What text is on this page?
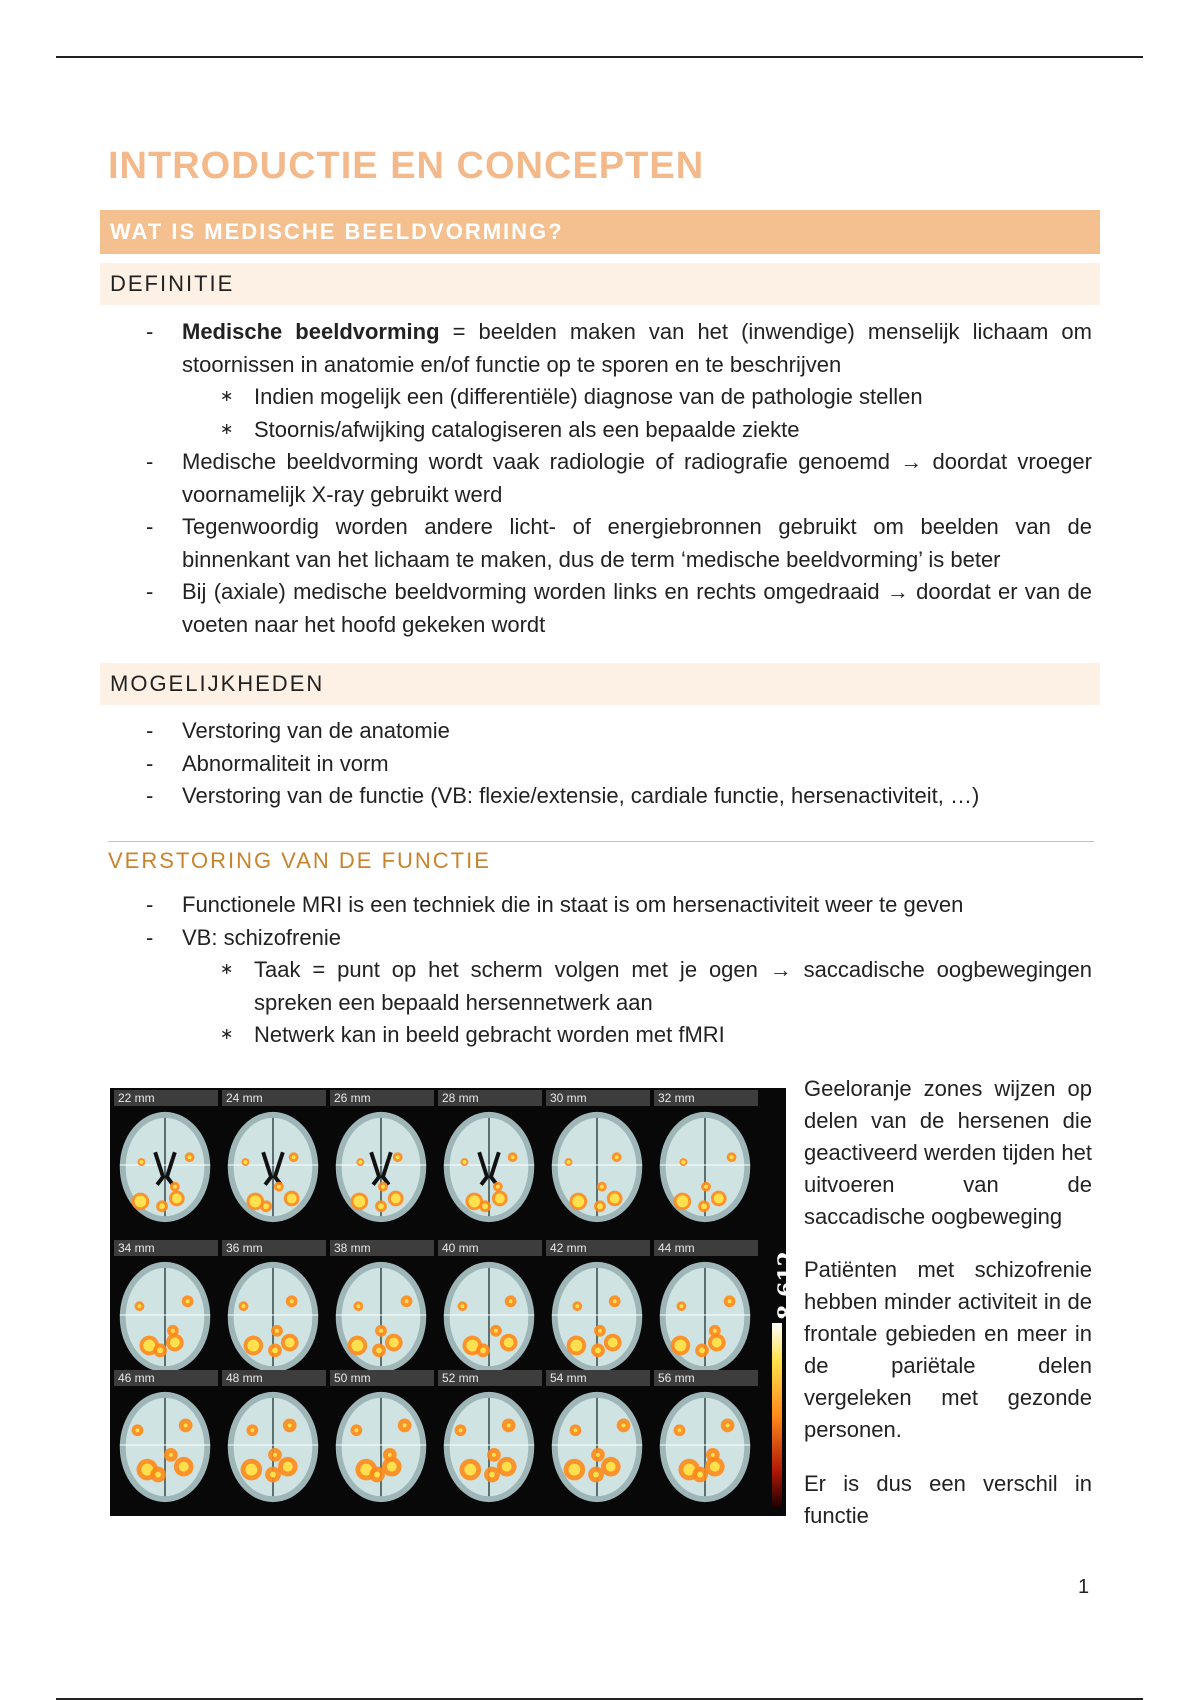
INTRODUCTIE EN CONCEPTEN
WAT IS MEDISCHE BEELDVORMING?
DEFINITIE
- Medische beeldvorming = beelden maken van het (inwendige) menselijk lichaam om stoornissen in anatomie en/of functie op te sporen en te beschrijven
∗ Indien mogelijk een (differentiële) diagnose van de pathologie stellen
∗ Stoornis/afwijking catalogiseren als een bepaalde ziekte
- Medische beeldvorming wordt vaak radiologie of radiografie genoemd → doordat vroeger voornamelijk X-ray gebruikt werd
- Tegenwoordig worden andere licht- of energiebronnen gebruikt om beelden van de binnenkant van het lichaam te maken, dus de term ‘medische beeldvorming’ is beter
- Bij (axiale) medische beeldvorming worden links en rechts omgedraaid → doordat er van de voeten naar het hoofd gekeken wordt
MOGELIJKHEDEN
- Verstoring van de anatomie
- Abnormaliteit in vorm
- Verstoring van de functie (VB: flexie/extensie, cardiale functie, hersenactiviteit, …)
VERSTORING VAN DE FUNCTIE
- Functionele MRI is een techniek die in staat is om hersenactiviteit weer te geven
- VB: schizofrenie
∗ Taak = punt op het scherm volgen met je ogen → saccadische oogbewegingen spreken een bepaald hersennetwerk aan
∗ Netwerk kan in beeld gebracht worden met fMRI
22 mm	24 mm	26 mm	28 mm	30 mm	32 mm
34 mm	36 mm	38 mm	40 mm	42 mm	44 mm
46 mm	48 mm	50 mm	52 mm	54 mm	56 mm
8.612
Geeloranje zones wijzen op delen van de hersenen die geactiveerd werden tijden het uitvoeren van de saccadische oogbeweging
Patiënten met schizofrenie hebben minder activiteit in de frontale gebieden en meer in de pariëtale delen vergeleken met gezonde personen.
Er is dus een verschil in functie
1
